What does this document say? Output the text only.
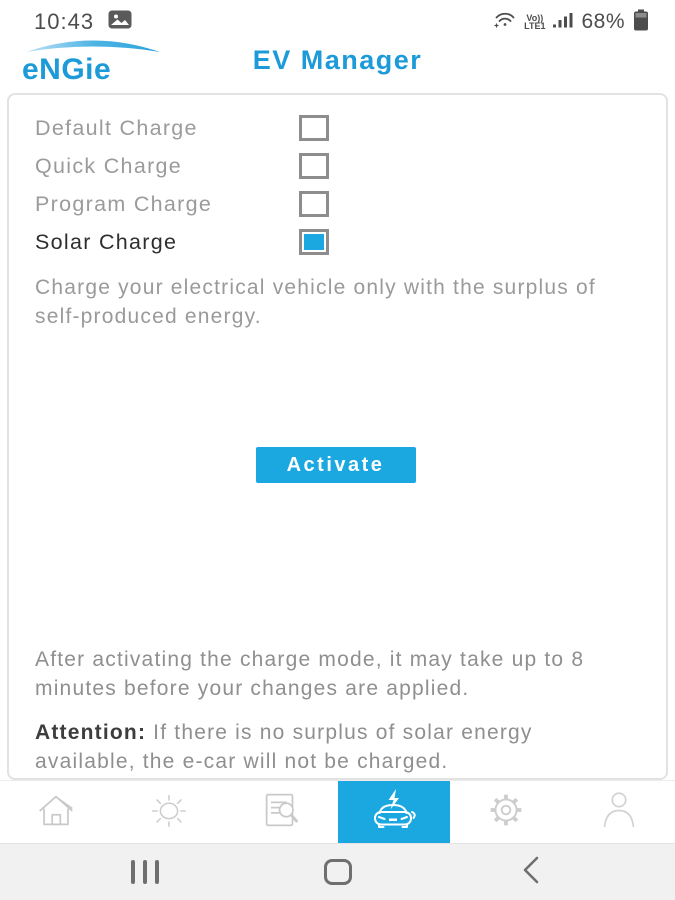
10:43	Vo))
LTE1 68%
eNGie	EV Manager
Default Charge
Quick Charge
Program Charge
Solar Charge

Charge your electrical vehicle only with the surplus of self-produced energy.

Activate

After activating the charge mode, it may take up to 8 minutes before your changes are applied.

Attention: If there is no surplus of solar energy available, the e-car will not be charged.
